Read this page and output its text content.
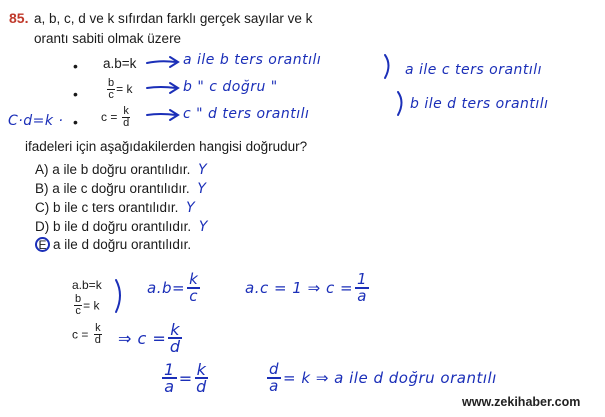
85. a, b, c, d ve k sıfırdan farklı gerçek sayılar ve k
orantı sabiti olmak üzere
• a.b=k
•	$\frac{b}{c} = k$
• $c = \frac{k}{d}$
a ile b ters orantılı
b " c doğru "
c " d ters orantılı
a ile c ters orantılı
b ile d ters orantılı
C·d=k ·
ifadeleri için aşağıdakilerden hangisi doğrudur?
A) a ile b doğru orantılıdır. Y
B) a ile c doğru orantılıdır. Y
C) b ile c ters orantılıdır. Y
D) b ile d doğru orantılıdır. Y
E a ile d doğru orantılıdır.
a.b=k
$\frac{b}{c} = k$
$c = \frac{k}{d}$
$a.b= \frac{k}{c}$	a.c = 1 ⇒ $c = \frac{1}{a}$
⇒ $c = \frac{k}{d}$
$\frac{1}{a} = \frac{k}{d}$	$\frac{d}{a} = k$ ⇒ a ile d doğru orantılı
www.zekihaber.com
